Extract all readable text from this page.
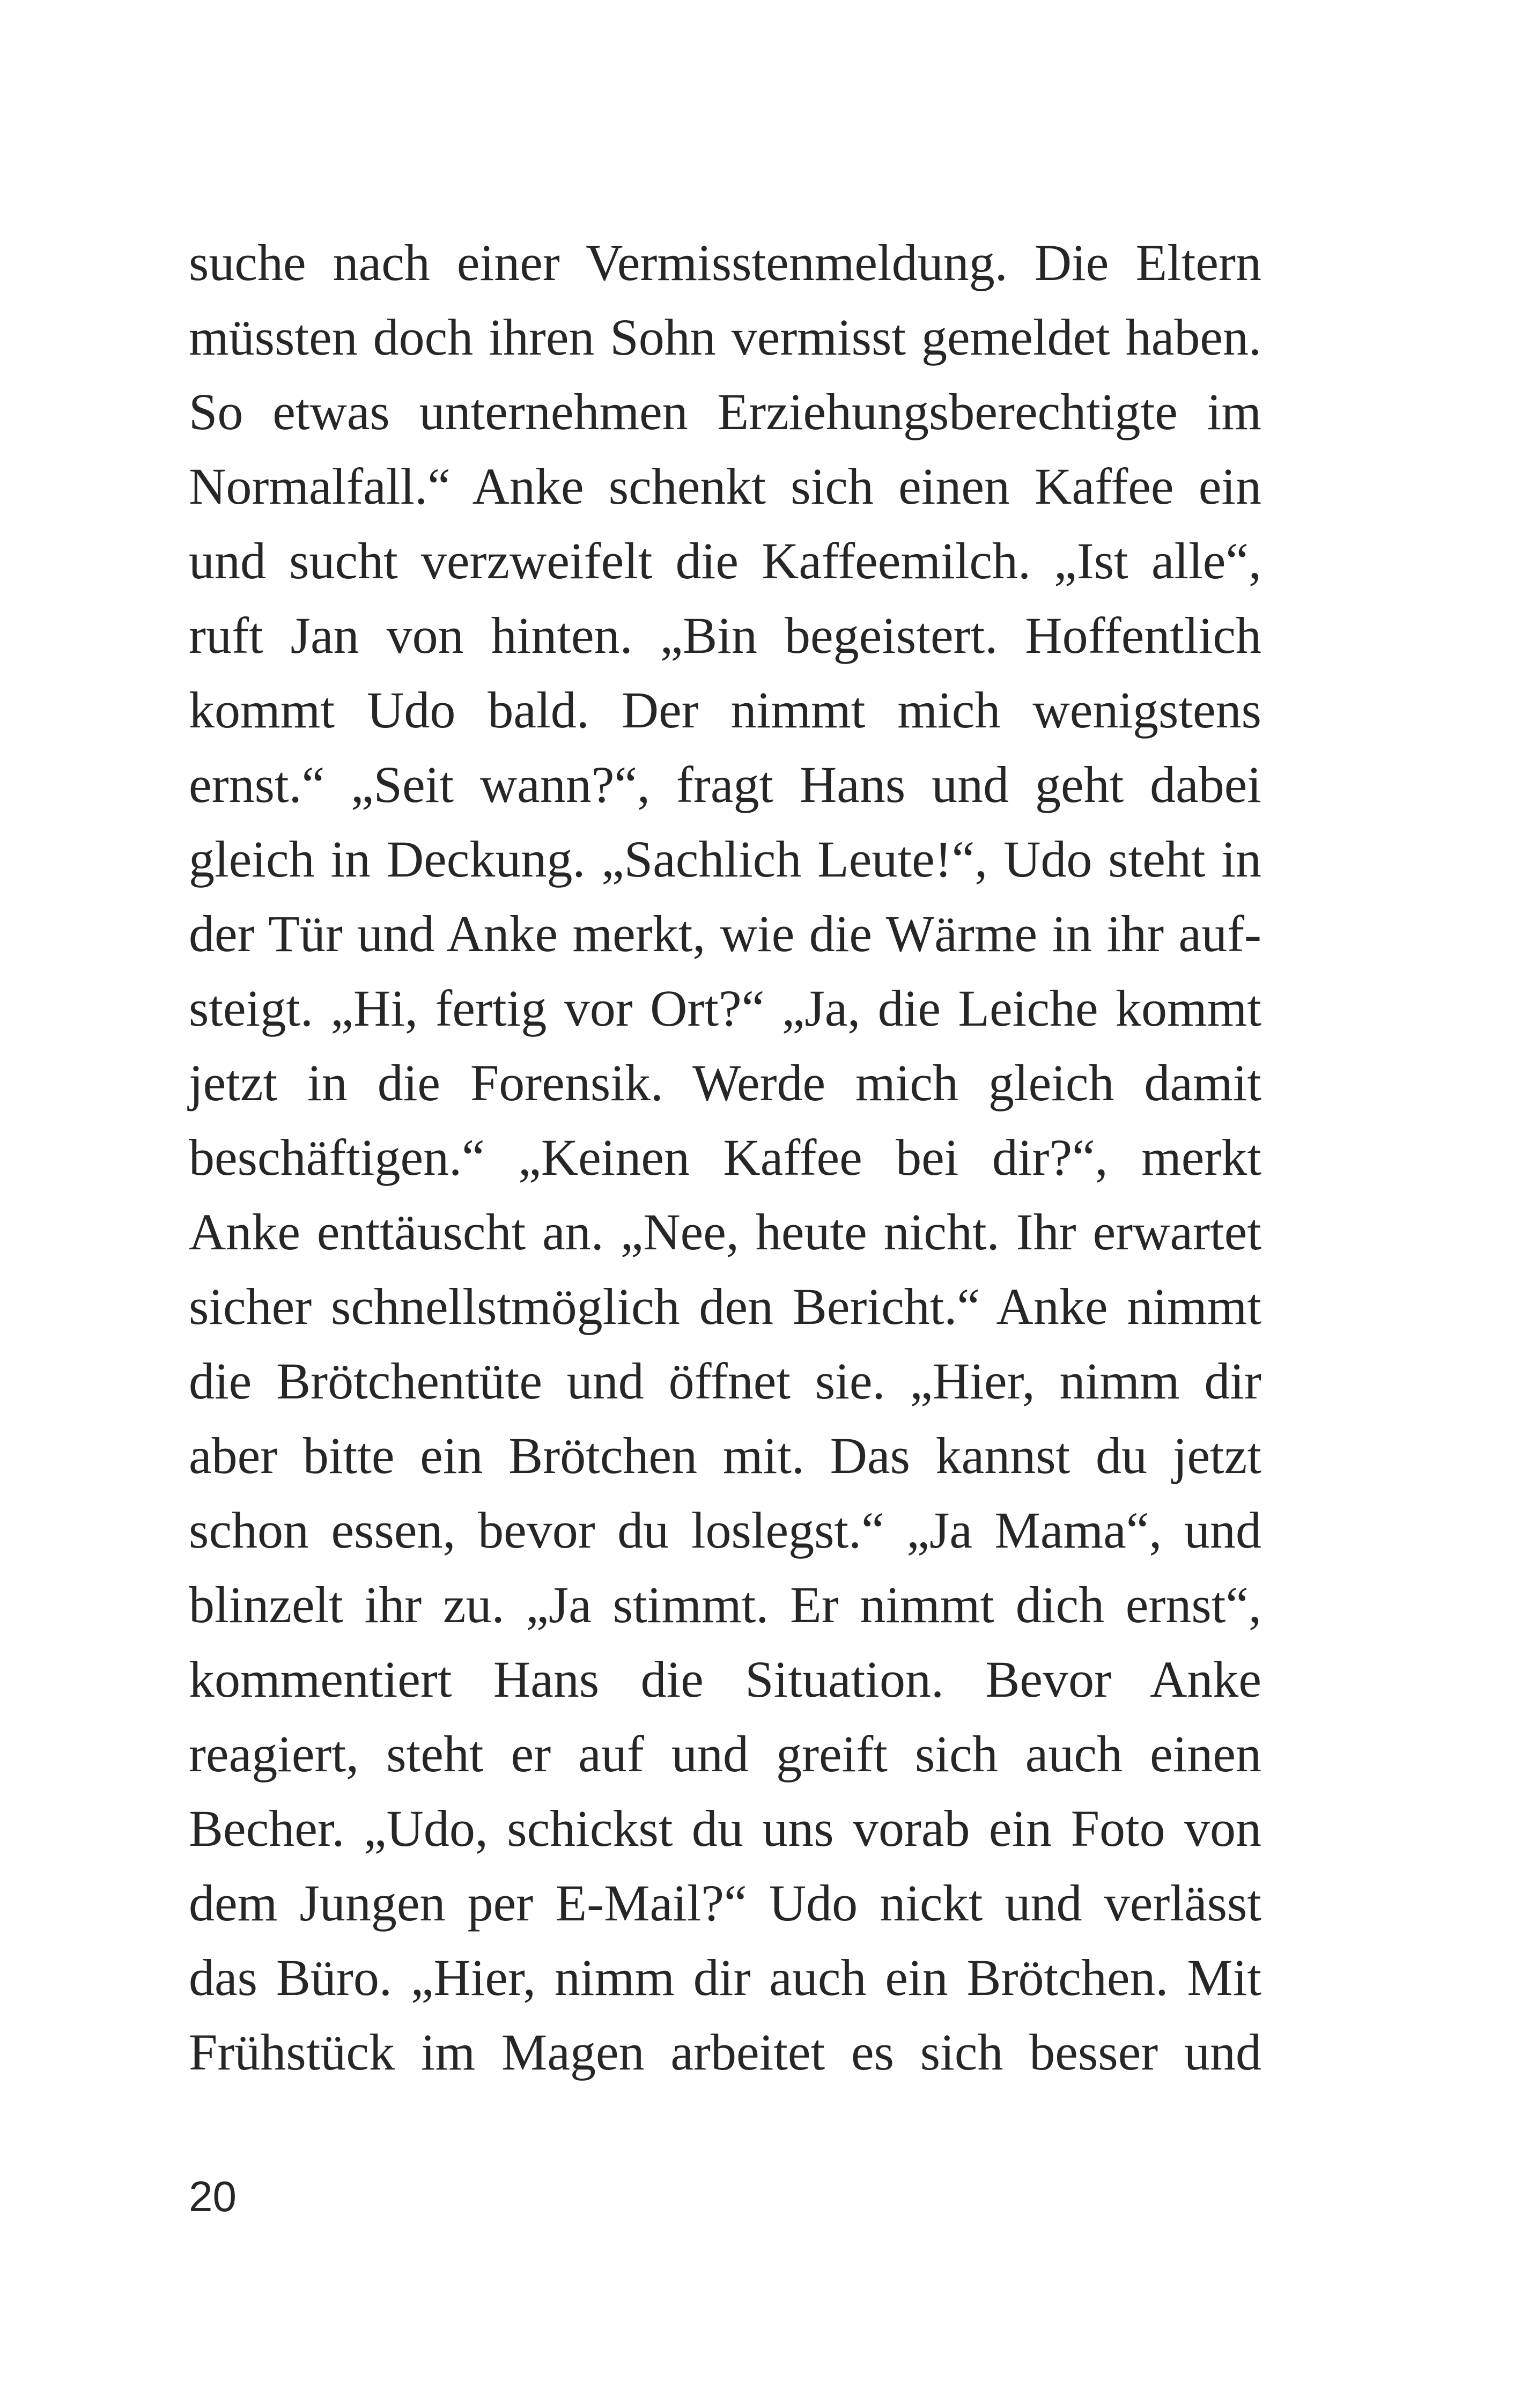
suche nach einer Vermisstenmeldung. Die Eltern
müssten doch ihren Sohn vermisst gemeldet haben.
So etwas unternehmen Erziehungsberechtigte im
Normalfall.“ Anke schenkt sich einen Kaffee ein
und sucht verzweifelt die Kaffeemilch. „Ist alle“,
ruft Jan von hinten. „Bin begeistert. Hoffentlich
kommt Udo bald. Der nimmt mich wenigstens
ernst.“ „Seit wann?“, fragt Hans und geht dabei
gleich in Deckung. „Sachlich Leute!“, Udo steht in
der Tür und Anke merkt, wie die Wärme in ihr auf-
steigt. „Hi, fertig vor Ort?“ „Ja, die Leiche kommt
jetzt in die Forensik. Werde mich gleich damit
beschäftigen.“ „Keinen Kaffee bei dir?“, merkt
Anke enttäuscht an. „Nee, heute nicht. Ihr erwartet
sicher schnellstmöglich den Bericht.“ Anke nimmt
die Brötchentüte und öffnet sie. „Hier, nimm dir
aber bitte ein Brötchen mit. Das kannst du jetzt
schon essen, bevor du loslegst.“ „Ja Mama“, und
blinzelt ihr zu. „Ja stimmt. Er nimmt dich ernst“,
kommentiert Hans die Situation. Bevor Anke
reagiert, steht er auf und greift sich auch einen
Becher. „Udo, schickst du uns vorab ein Foto von
dem Jungen per E-Mail?“ Udo nickt und verlässt
das Büro. „Hier, nimm dir auch ein Brötchen. Mit
Frühstück im Magen arbeitet es sich besser und
20
